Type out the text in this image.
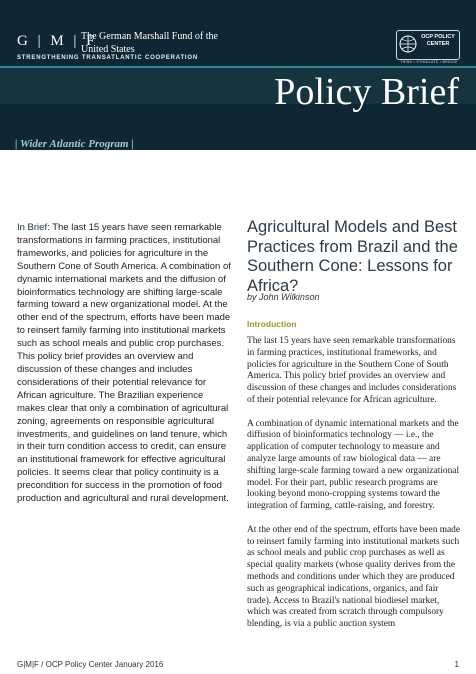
G | M | F
The German Marshall Fund of the United States
STRENGTHENING TRANSATLANTIC COOPERATION
OCP POLICY CENTER
THINK • STIMULATE • BRIDGE
Policy Brief
| Wider Atlantic Program |
In Brief: The last 15 years have seen remarkable transformations in farming practices, institutional frameworks, and policies for agriculture in the Southern Cone of South America. A combination of dynamic international markets and the diffusion of bioinformatics technology are shifting large-scale farming toward a new organizational model. At the other end of the spectrum, efforts have been made to reinsert family farming into institutional markets such as school meals and public crop purchases. This policy brief provides an overview and discussion of these changes and includes considerations of their potential relevance for African agriculture. The Brazilian experience makes clear that only a combination of agricultural zoning, agreements on responsible agricultural investments, and guidelines on land tenure, which in their turn condition access to credit, can ensure an institutional framework for effective agricultural policies. It seems clear that policy continuity is a precondition for success in the promotion of food production and agricultural and rural development.
Agricultural Models and Best Practices from Brazil and the Southern Cone: Lessons for Africa?
by John Wilkinson
Introduction

The last 15 years have seen remarkable transformations in farming practices, institutional frameworks, and policies for agriculture in the Southern Cone of South America. This policy brief provides an overview and discussion of these changes and includes considerations of their potential relevance for African agriculture.

A combination of dynamic international markets and the diffusion of bioinformatics technology — i.e., the application of computer technology to measure and analyze large amounts of raw biological data — are shifting large-scale farming toward a new organizational model. For their part, public research programs are looking beyond mono-cropping systems toward the integration of farming, cattle-raising, and forestry.

At the other end of the spectrum, efforts have been made to reinsert family farming into institutional markets such as school meals and public crop purchases as well as special quality markets (whose quality derives from the methods and conditions under which they are produced such as geographical indications, organics, and fair trade). Access to Brazil's national biodiesel market, which was created from scratch through compulsory blending, is via a public auction system

G|M|F / OCP Policy Center January 2016	1
